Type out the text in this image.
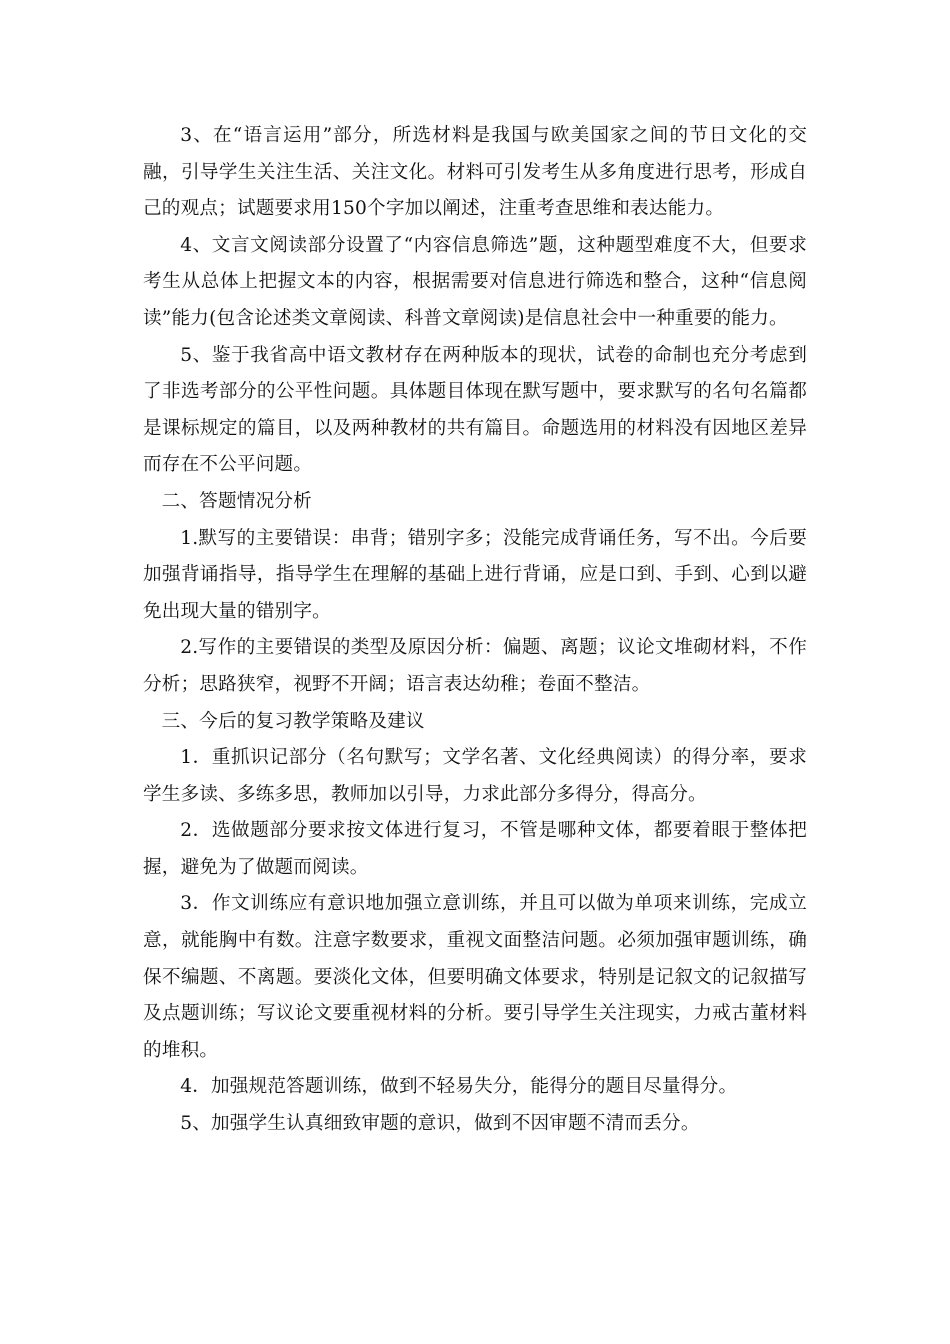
3、在“语言运用”部分，所选材料是我国与欧美国家之间的节日文化的交融，引导学生关注生活、关注文化。材料可引发考生从多角度进行思考，形成自己的观点；试题要求用150个字加以阐述，注重考查思维和表达能力。

4、文言文阅读部分设置了“内容信息筛选”题，这种题型难度不大，但要求考生从总体上把握文本的内容，根据需要对信息进行筛选和整合，这种“信息阅读”能力(包含论述类文章阅读、科普文章阅读)是信息社会中一种重要的能力。

5、鉴于我省高中语文教材存在两种版本的现状，试卷的命制也充分考虑到了非选考部分的公平性问题。具体题目体现在默写题中，要求默写的名句名篇都是课标规定的篇目，以及两种教材的共有篇目。命题选用的材料没有因地区差异而存在不公平问题。

二、答题情况分析

1.默写的主要错误：串背；错别字多；没能完成背诵任务，写不出。今后要加强背诵指导，指导学生在理解的基础上进行背诵，应是口到、手到、心到以避免出现大量的错别字。

2.写作的主要错误的类型及原因分析：偏题、离题；议论文堆砌材料，不作分析；思路狭窄，视野不开阔；语言表达幼稚；卷面不整洁。

三、今后的复习教学策略及建议

1．重抓识记部分（名句默写；文学名著、文化经典阅读）的得分率，要求学生多读、多练多思，教师加以引导，力求此部分多得分，得高分。

2．选做题部分要求按文体进行复习，不管是哪种文体，都要着眼于整体把握，避免为了做题而阅读。

3．作文训练应有意识地加强立意训练，并且可以做为单项来训练，完成立意，就能胸中有数。注意字数要求，重视文面整洁问题。必须加强审题训练，确保不编题、不离题。要淡化文体，但要明确文体要求，特别是记叙文的记叙描写及点题训练；写议论文要重视材料的分析。要引导学生关注现实，力戒古董材料的堆积。

4．加强规范答题训练，做到不轻易失分，能得分的题目尽量得分。

5、加强学生认真细致审题的意识，做到不因审题不清而丢分。
